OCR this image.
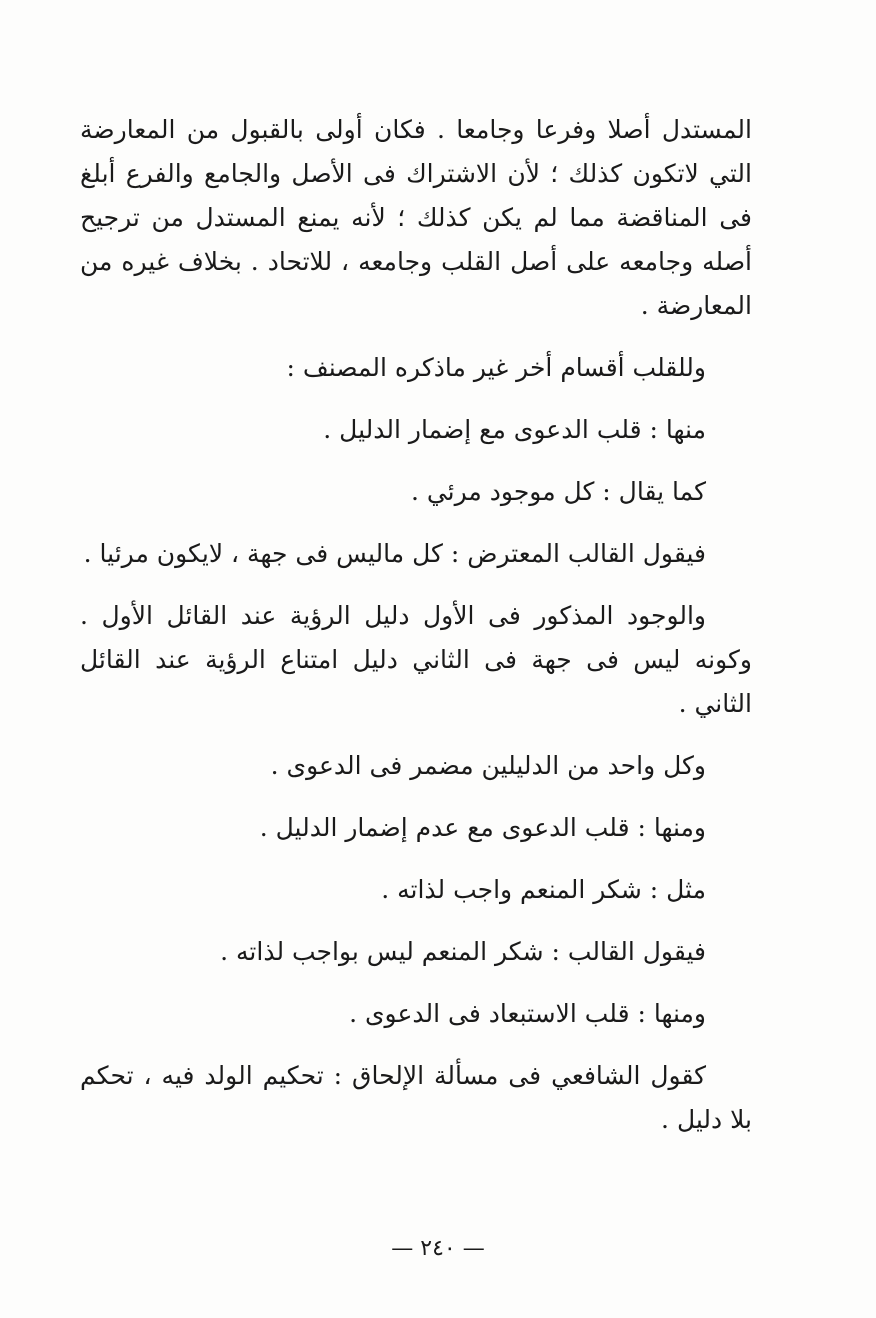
المستدل أصلا وفرعا وجامعا . فكان أولى بالقبول من المعارضة التي لاتكون كذلك ؛ لأن الاشتراك فى الأصل والجامع والفرع أبلغ فى المناقضة مما لم يكن كذلك ؛ لأنه يمنع المستدل من ترجيح أصله وجامعه على أصل القلب وجامعه ، للاتحاد . بخلاف غيره من المعارضة .

وللقلب أقسام أخر غير ماذكره المصنف :

منها : قلب الدعوى مع إضمار الدليل .

كما يقال : كل موجود مرئي .

فيقول القالب المعترض : كل ماليس فى جهة ، لايكون مرئيا .

والوجود المذكور فى الأول دليل الرؤية عند القائل الأول . وكونه ليس فى جهة فى الثاني دليل امتناع الرؤية عند القائل الثاني .

وكل واحد من الدليلين مضمر فى الدعوى .

ومنها : قلب الدعوى مع عدم إضمار الدليل .

مثل : شكر المنعم واجب لذاته .

فيقول القالب : شكر المنعم ليس بواجب لذاته .

ومنها : قلب الاستبعاد فى الدعوى .

كقول الشافعي فى مسألة الإلحاق : تحكيم الولد فيه ، تحكم بلا دليل .

— ٢٤٠ —
